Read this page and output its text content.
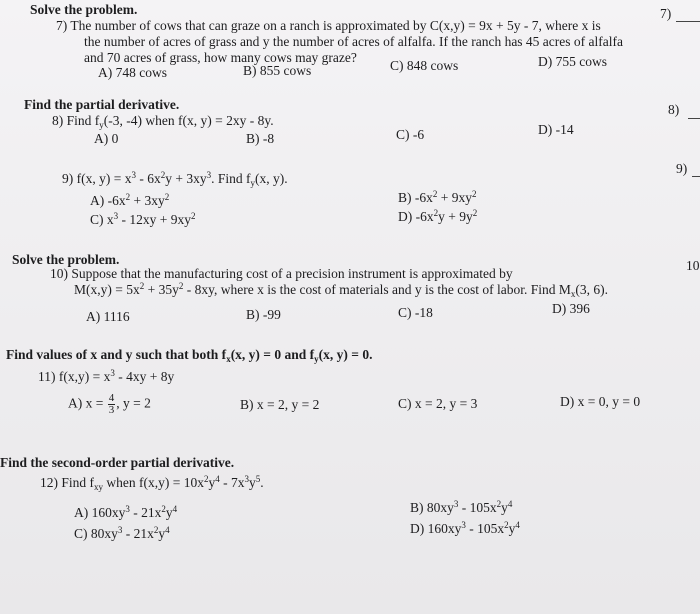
Solve the problem.
7) The number of cows that can graze on a ranch is approximated by C(x,y) = 9x + 5y - 7, where x is
the number of acres of grass and y the number of acres of alfalfa. If the ranch has 45 acres of alfalfa
and 70 acres of grass, how many cows may graze?
A) 748 cows	B) 855 cows	C) 848 cows	D) 755 cows
7)
Find the partial derivative.
8) Find $f_y(-3$, -4) when f(x, y) = 2xy - 8y.
A) 0	B) -8	C) -6	D) -14
8)
9) f(x, $y) = x^3 - 6x^2y + 3xy^3$. Find $f_y(x$, y).
A) $-6x^2 + 3xy^2$	B) $-6x^2 + 9xy^2$
C) $x^3 - 12xy + 9xy^2$	D) $-6x^2y + 9y^2$
9)
Solve the problem.
10) Suppose that the manufacturing cost of a precision instrument is approximated by
$M(x,y) = 5x^2 + 35y^2 - 8xy$, where x is the cost of materials and y is the cost of labor. Find $M_x(3$, 6).
A) 1116	B) -99	C) -18	D) 396
10
Find values of x and y such that both $f_x(x$, y) = 0 and $f_y(x$, y) = 0.
11) $f(x,y) = x^3 - 4xy + 8y$
A) $x = \frac{4}{3}$ , y = 2	B) x = 2, y = 2	C) x = 2, y = 3	D) x = 0, y = 0
Find the second-order partial derivative.
12) Find $f_{xy}$ when $f(x,y) = 10x^2y^4 - 7x^3y^5$.
A) $160xy^3 - 21x^2y^4$	B) $80xy^3 - 105x^2y^4$
C) $80xy^3 - 21x^2y^4$	D) $160xy^3 - 105x^2y^4$
